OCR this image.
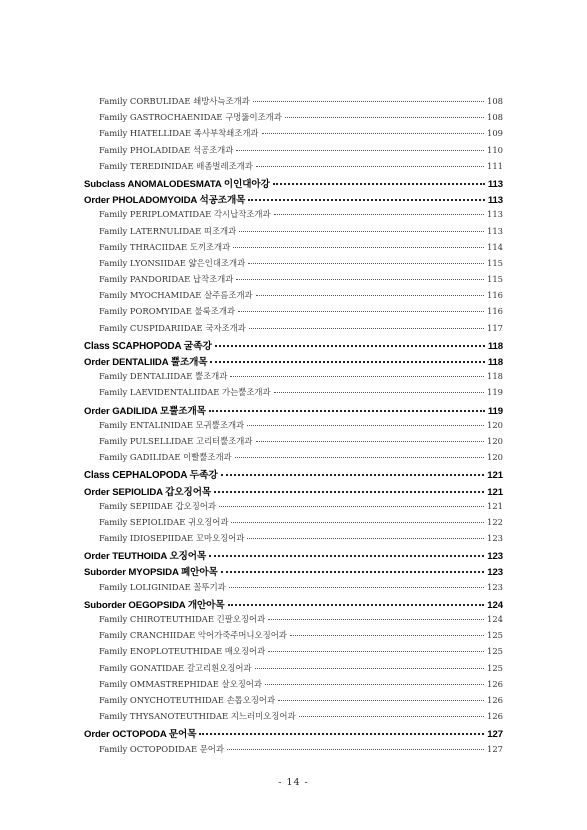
Family CORBULIDAE 쇄방사늑조개과	108
Family GASTROCHAENIDAE 구멍뚫이조개과	108
Family HIATELLIDAE 족사부착쇄조개과	109
Family PHOLADIDAE 석공조개과	110
Family TEREDINIDAE 배좀벌레조개과	111
Subclass ANOMALODESMATA 이인대아강	113
Order PHOLADOMYOIDA 석공조개목	113
Family PERIPLOMATIDAE 각시납작조개과	113
Family LATERNULIDAE 띠조개과	113
Family THRACIIDAE 도끼조개과	114
Family LYONSIIDAE 얇은인대조개과	115
Family PANDORIDAE 납작조개과	115
Family MYOCHAMIDAE 살주름조개과	116
Family POROMYIDAE 불룩조개과	116
Family CUSPIDARIIDAE 국자조개과	117
Class SCAPHOPODA 굴족강	118
Order DENTALIIDA 뿔조개목	118
Family DENTALIIDAE 뿔조개과	118
Family LAEVIDENTALIIDAE 가는뿔조개과	119
Order GADILIDA 모뿔조개목	119
Family ENTALINIDAE 모귀뿔조개과	120
Family PULSELLIDAE 고리터뿔조개과	120
Family GADILIDAE 이빨뿔조개과	120
Class CEPHALOPODA 두족강	121
Order SEPIOLIDA 갑오징어목	121
Family SEPIIDAE 갑오징어과	121
Family SEPIOLIDAE 귀오징어과	122
Family IDIOSEPIIDAE 꼬마오징어과	123
Order TEUTHOIDA 오징어목	123
Suborder MYOPSIDA 폐안아목	123
Family LOLIGINIDAE 꼴뚜기과	123
Suborder OEGOPSIDA 개안아목	124
Family CHIROTEUTHIDAE 긴팔오징어과	124
Family CRANCHIIDAE 악어가죽주머니오징어과	125
Family ENOPLOTEUTHIDAE 매오징어과	125
Family GONATIDAE 갈고리흰오징어과	125
Family OMMASTREPHIDAE 살오징어과	126
Family ONYCHOTEUTHIDAE 손톱오징어과	126
Family THYSANOTEUTHIDAE 지느러미오징어과	126
Order OCTOPODA 문어목	127
Family OCTOPODIDAE 문어과	127
- 14 -
